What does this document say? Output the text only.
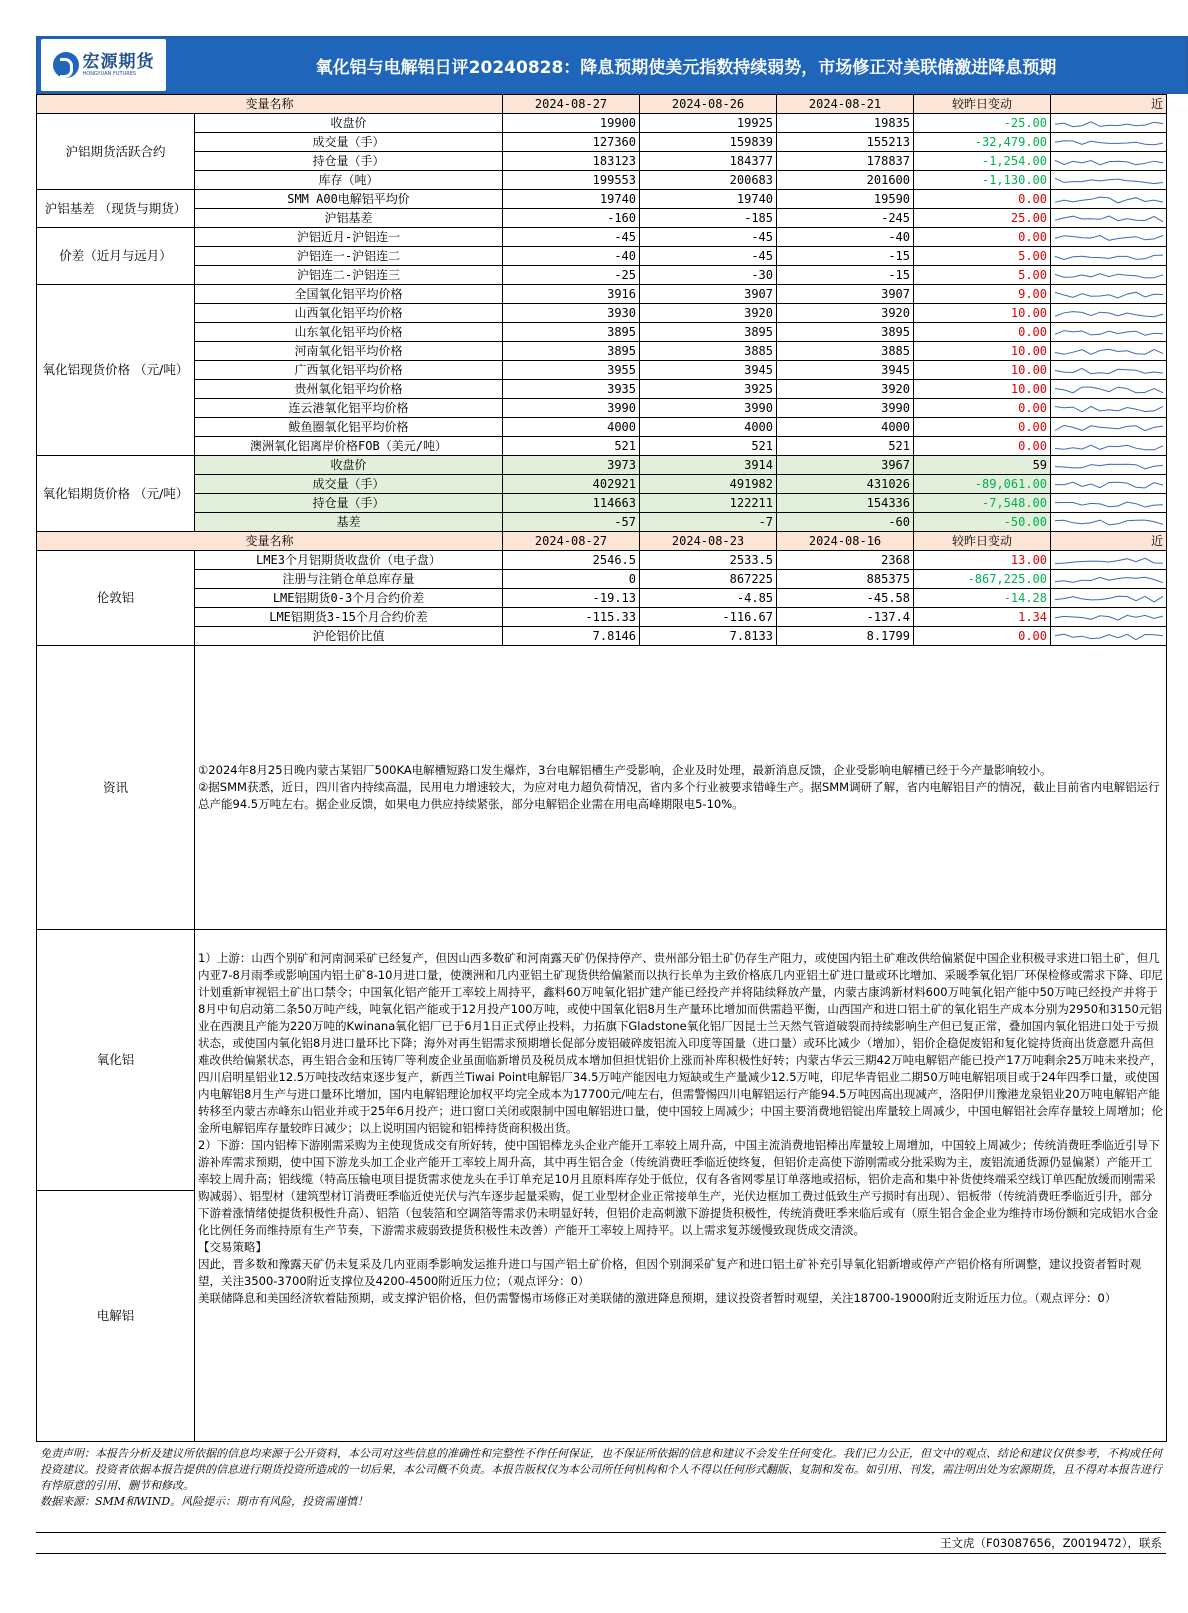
宏源期货
HONGYUAN FUTURES	氧化铝与电解铝日评20240828：降息预期使美元指数持续弱势，市场修正对美联储激进降息预期
变量名称		2024-08-27	2024-08-26	2024-08-21	较昨日变动	近
沪铝期货活跃合约	收盘价	19900	19925	19835	-25.00	

	成交量（手）	127360	159839	155213	-32,479.00	

	持仓量（手）	183123	184377	178837	-1,254.00	

	库存（吨）	199553	200683	201600	-1,130.00	

沪铝基差 （现货与期货）	SMM A00电解铝平均价	19740	19740	19590	0.00	

	沪铝基差	-160	-185	-245	25.00	

价差（近月与远月）	沪铝近月-沪铝连一	-45	-45	-40	0.00	

	沪铝连一-沪铝连二	-40	-45	-15	5.00	

	沪铝连二-沪铝连三	-25	-30	-15	5.00	

氧化铝现货价格 （元/吨）	全国氧化铝平均价格	3916	3907	3907	9.00	

	山西氧化铝平均价格	3930	3920	3920	10.00	

	山东氧化铝平均价格	3895	3895	3895	0.00	

	河南氧化铝平均价格	3895	3885	3885	10.00	

	广西氧化铝平均价格	3955	3945	3945	10.00	

	贵州氧化铝平均价格	3935	3925	3920	10.00	

	连云港氧化铝平均价格	3990	3990	3990	0.00	

	鲅鱼圈氧化铝平均价格	4000	4000	4000	0.00	

	澳洲氧化铝离岸价格FOB（美元/吨）	521	521	521	0.00	

氧化铝期货价格 （元/吨）	收盘价	3973	3914	3967	59	

	成交量（手）	402921	491982	431026	-89,061.00	

	持仓量（手）	114663	122211	154336	-7,548.00	

	基差	-57	-7	-60	-50.00	

变量名称		2024-08-27	2024-08-23	2024-08-16	较昨日变动	近
伦敦铝	LME3个月铝期货收盘价（电子盘）	2546.5	2533.5	2368	13.00	

	注册与注销仓单总库存量	0	867225	885375	-867,225.00	

	LME铝期货0-3个月合约价差	-19.13	-4.85	-45.58	-14.28	

	LME铝期货3-15个月合约价差	-115.33	-116.67	-137.4	1.34	

	沪伦铝价比值	7.8146	7.8133	8.1799	0.00	
资讯	①2024年8月25日晚内蒙古某铝厂500KA电解槽短路口发生爆炸，3台电解铝槽生产受影响，企业及时处理，最新消息反馈，企业受影响电解槽已经于今产量影响较小。
②据SMM获悉，近日，四川省内持续高温，民用电力增速较大，为应对电力超负荷情况，省内多个行业被要求错峰生产。据SMM调研了解，省内电解铝目产的情况，截止目前省内电解铝运行总产能94.5万吨左右。据企业反馈，如果电力供应持续紧张，部分电解铝企业需在用电高峰期限电5-10%。

氧化铝	1）上游：山西个别矿和河南洞采矿已经复产，但因山西多数矿和河南露天矿仍保持停产、贵州部分铝土矿仍存生产阻力，或使国内铝土矿难改供给偏紧促中国企业积极寻求进口铝土矿，但几内亚7-8月雨季或影响国内铝土矿8-10月进口量，使澳洲和几内亚铝土矿现货供给偏紧而以执行长单为主致价格底几内亚铝土矿进口量或环比增加、采暖季氧化铝厂环保检修或需求下降、印尼计划重新审视铝土矿出口禁令；中国氧化铝产能开工率较上周持平，鑫料60万吨氧化铝扩建产能已经投产并将陆续释放产量，内蒙古康鸿新材料600万吨氧化铝产能中50万吨已经投产并将于8月中旬启动第二条50万吨产线，吨氧化铝产能或于12月投产100万吨，或使中国氧化铝8月生产量环比增加而供需趋平衡，山西国产和进口铝土矿的氧化铝生产成本分别为2950和3150元铝业在西澳且产能为220万吨的Kwinana氧化铝厂已于6月1日正式停止投料，力拓旗下Gladstone氧化铝厂因昆士兰天然气管道破裂而持续影响生产但已复正常，叠加国内氧化铝进口处于亏损状态，或使国内氧化铝8月进口量环比下降；海外对再生铝需求预期增长促部分废铝破碎废铝流入印度等国量（进口量）或环比减少（增加），铝价企稳促废铝和复化锭持货商出货意愿升高但难改供给偏紧状态，再生铝合金和压铸厂等利废企业虽面临新增员及税员成本增加但担忧铝价上涨而补库积极性好转；内蒙古华云三期42万吨电解铝产能已投产17万吨剩余25万吨未来投产，四川启明星铝业12.5万吨技改结束逐步复产，新西兰Tiwai Point电解铝厂34.5万吨产能因电力短缺或生产量减少12.5万吨，印尼华青铝业二期50万吨电解铝项目或于24年四季口量，或使国内电解铝8月生产与进口量环比增加，国内电解铝理论加权平均完全成本为17700元/吨左右，但需警惕四川电解铝运行产能94.5万吨因高出现减产，洛阳伊川豫港龙泉铝业20万吨电解铝产能转移至内蒙古赤峰东山铝业并或于25年6月投产；进口窗口关闭或限制中国电解铝进口量，使中国较上周减少；中国主要消费地铝锭出库量较上周减少，中国电解铝社会库存量较上周增加；伦金所电解铝库存量较昨日减少；以上说明国内铝锭和铝棒持货商积极出货。
2）下游：国内铝棒下游刚需采购为主使现货成交有所好转，使中国铝棒龙头企业产能开工率较上周升高，中国主流消费地铝棒出库量较上周增加，中国较上周减少；传统消费旺季临近引导下游补库需求预期，使中国下游龙头加工企业产能开工率较上周升高，其中再生铝合金（传统消费旺季临近使终复，但铝价走高使下游刚需或分批采购为主，废铝流通货源仍显偏紧）产能开工率较上周升高；铝线缆（特高压输电项目提货需求使龙头在手订单充足10月且原料库存处于低位，仅有各省网零星订单落地或招标，铝价走高和集中补货使终端采空线订单匹配放缓而刚需采购减弱）、铝型材（建筑型材订消费旺季临近使光伏与汽车逐步起量采购，促工业型材企业正常接单生产，光伏边框加工费过低致生产亏损时有出现）、铝板带（传统消费旺季临近引升，部分下游着涨情绪使提货积极性升高）、铝箔（包装箔和空调箔等需求仍未明显好转，但铝价走高刺激下游提货积极性，传统消费旺季来临后或有（原生铝合金企业为维持市场份额和完成铝水合金化比例任务而维持原有生产节奏，下游需求疲弱致提货积极性未改善）产能开工率较上周持平。以上需求复苏缓慢致现货成交清淡。
【交易策略】
因此，晋多数和豫露天矿仍未复采及几内亚雨季影响发运推升进口与国产铝土矿价格，但因个别洞采矿复产和进口铝土矿补充引导氧化铝新增或停产产铝价格有所调整，建议投资者暂时观望，关注3500-3700附近支撑位及4200-4500附近压力位；（观点评分：0）
美联储降息和美国经济软着陆预期，或支撑沪铝价格，但仍需警惕市场修正对美联储的激进降息预期，建议投资者暂时观望，关注18700-19000附近支附近压力位。（观点评分：0）

电解铝	
免责声明：本报告分析及建议所依据的信息均来源于公开资料，本公司对这些信息的准确性和完整性不作任何保证，也不保证所依据的信息和建议不会发生任何变化。我们已力公正，但文中的观点、结论和建议仅供参考，不构成任何投资建议。投资者依据本报告提供的信息进行期货投资所造成的一切后果，本公司概不负责。本报告版权仅为本公司所任何机构和个人不得以任何形式翻版、复制和发布。如引用、刊发，需注明出处为宏源期货，且不得对本报告进行有悖原意的引用、删节和修改。
数据来源：SMM和WIND。风险提示：期市有风险，投资需谨慎！
王文虎（F03087656，Z0019472），联系
